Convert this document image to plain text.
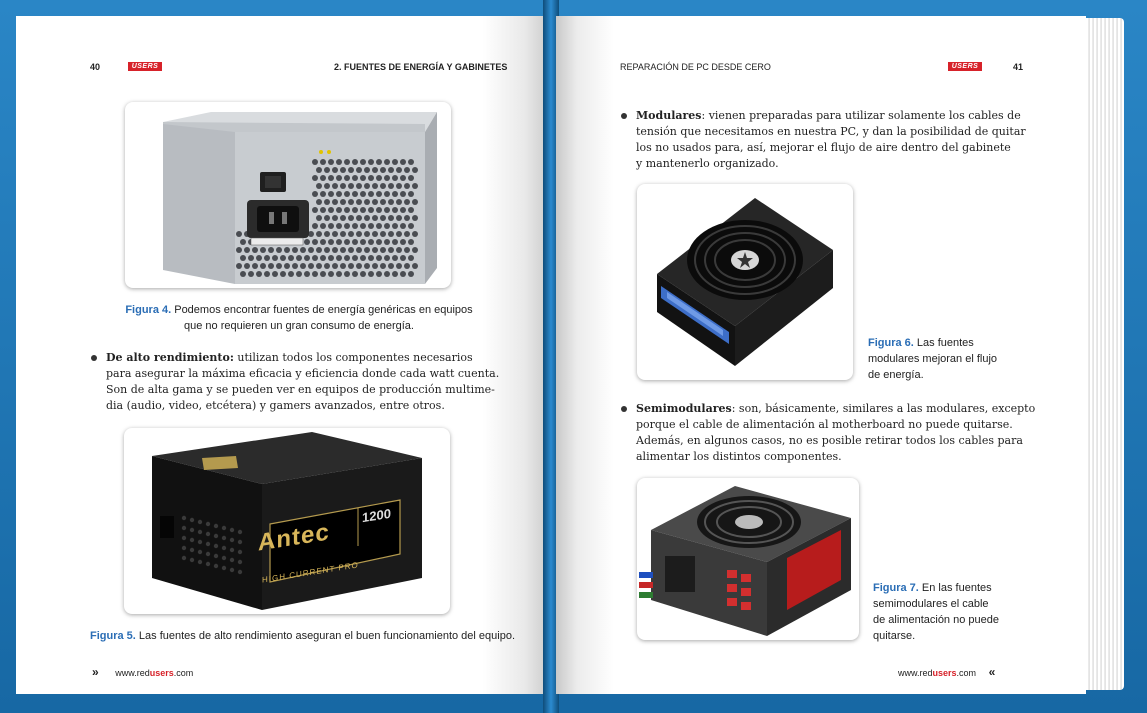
40	USERS	2. FUENTES DE ENERGÍA Y GABINETES
Figura 4. Podemos encontrar fuentes de energía genéricas en equipos
que no requieren un gran consumo de energía.
De alto rendimiento: utilizan todos los componentes necesarios
para asegurar la máxima eficacia y eficiencia donde cada watt cuenta.
Son de alta gama y se pueden ver en equipos de producción multime-
dia (audio, video, etcétera) y gamers avanzados, entre otros.
Antec
HIGH CURRENT PRO
1200
Figura 5. Las fuentes de alto rendimiento aseguran el buen funcionamiento del equipo.
» www.redusers.com
REPARACIÓN DE PC DESDE CERO	USERS	41
Modulares: vienen preparadas para utilizar solamente los cables de
tensión que necesitamos en nuestra PC, y dan la posibilidad de quitar
los no usados para, así, mejorar el flujo de aire dentro del gabinete
y mantenerlo organizado.
Figura 6. Las fuentes
modulares mejoran el flujo
de energía.
Semimodulares: son, básicamente, similares a las modulares, excepto
porque el cable de alimentación al motherboard no puede quitarse.
Además, en algunos casos, no es posible retirar todos los cables para
alimentar los distintos componentes.
Figura 7. En las fuentes
semimodulares el cable
de alimentación no puede
quitarse.
www.redusers.com «
